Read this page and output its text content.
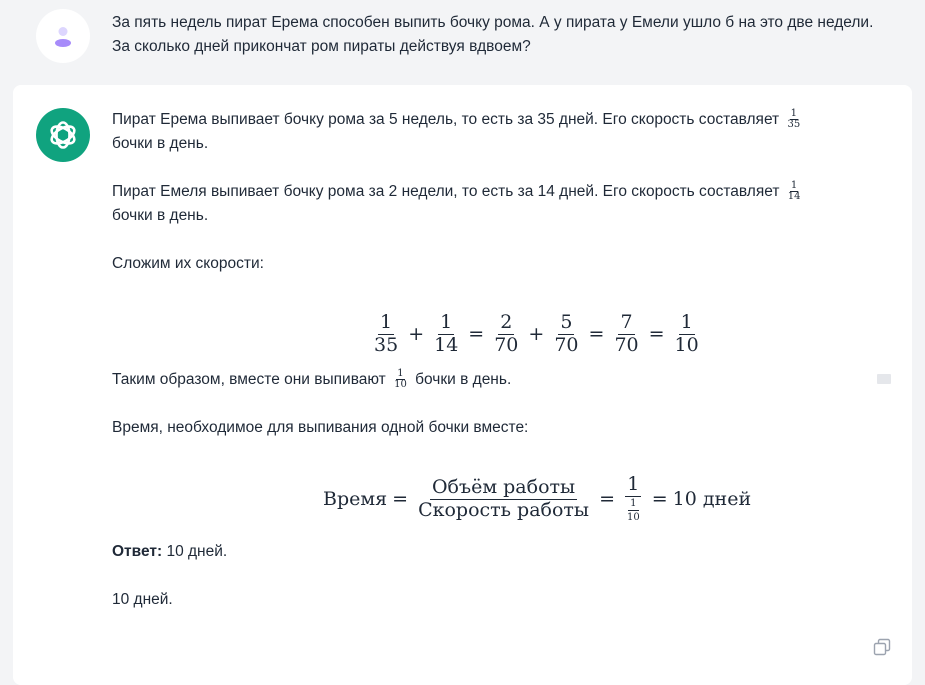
За пять недель пират Ерема способен выпить бочку рома. А у пирата у Емели ушло б на это две недели. За сколько дней прикончат ром пираты действуя вдвоем?
Пират Ерема выпивает бочку рома за 5 недель, то есть за 35 дней. Его скорость составляет $\frac{1}{35}$

бочки в день.
Пират Емеля выпивает бочку рома за 2 недели, то есть за 14 дней. Его скорость составляет $\frac{1}{14}$

бочки в день.
Сложим их скорости:
$\frac{1}{35} + \frac{1}{14} = \frac{2}{70} + \frac{5}{70} = \frac{7}{70} = \frac{1}{10}$
Таким образом, вместе они выпивают $\frac{1}{10}$ бочки в день.
Время, необходимое для выпивания одной бочки вместе:
Время = $\frac{\text{Объём работы}}{\text{Скорость работы}} = \frac{1}{\frac{1}{10}} = 10$ дней
Ответ: 10 дней.
10 дней.
